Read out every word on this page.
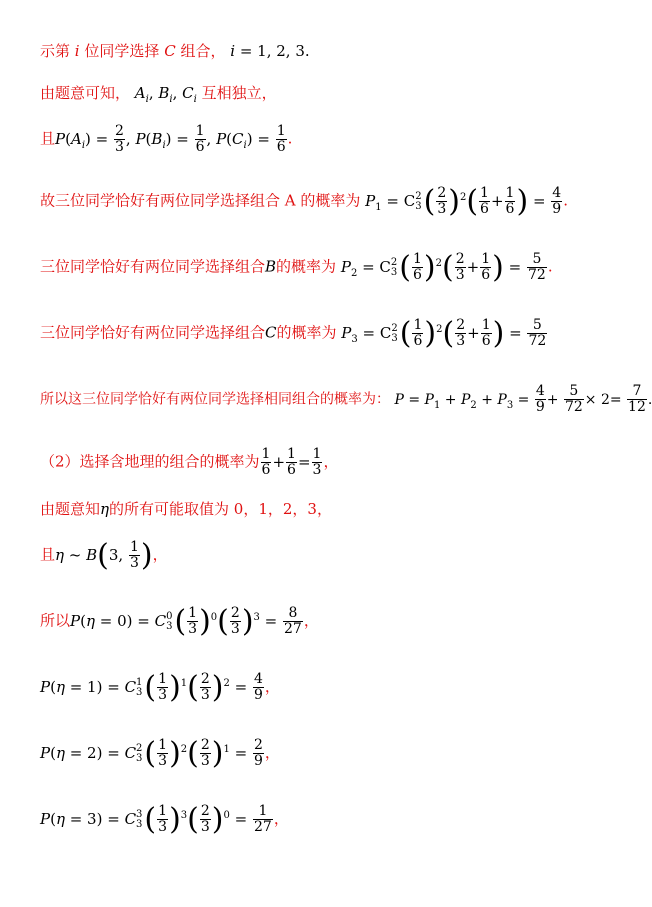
示第 i 位同学选择 C 组合， i = 1, 2, 3.
由题意可知， $A_i$, $B_i$, $C_i$ 互相独立，
且$P(A_i) = \frac{2}{3}$ , $P(B_i) = \frac{1}{6}$ , $P(C_i) = \frac{1}{6}$ .
故三位同学恰好有两位同学选择组合 A 的概率为 $P_1 = C$ 2
3 ( $\frac{2}{3} )^2( \frac{1}{6} + \frac{1}{6}$ ) = $\frac{4}{9}$ .
三位同学恰好有两位同学选择组合B的概率为 $P_2 = C$ 2
3 ( $\frac{1}{6} )^2( \frac{2}{3} + \frac{1}{6}$ ) = $\frac{5}{72}$ .
三位同学恰好有两位同学选择组合C的概率为 $P_3 = C$ 2
3 ( $\frac{1}{6} )^2( \frac{2}{3} + \frac{1}{6}$ ) = $\frac{5}{72}$
所以这三位同学恰好有两位同学选择相同组合的概率为： $P = P_1 + P_2 + P_3 = \frac{4}{9} + \frac{5}{72} \times 2= \frac{7}{12}$ .
（2）选择含地理的组合的概率为 $\frac{1}{6} + \frac{1}{6} = \frac{1}{3}$ ，
由题意知η的所有可能取值为 0，1，2，3，
且η ~ B(3, $\frac{1}{3}$ )，
所以P(η = 0) = C 0
3 ( $\frac{1}{3} )^0( \frac{2}{3} )^3 = \frac{8}{27}$ ，
P(η = 1) = C 1
3 ( $\frac{1}{3} )^1( \frac{2}{3} )^2 = \frac{4}{9}$ ，
P(η = 2) = C 2
3 ( $\frac{1}{3} )^2( \frac{2}{3} )^1 = \frac{2}{9}$ ，
P(η = 3) = C 3
3 ( $\frac{1}{3} )^3( \frac{2}{3} )^0 = \frac{1}{27}$ ，
